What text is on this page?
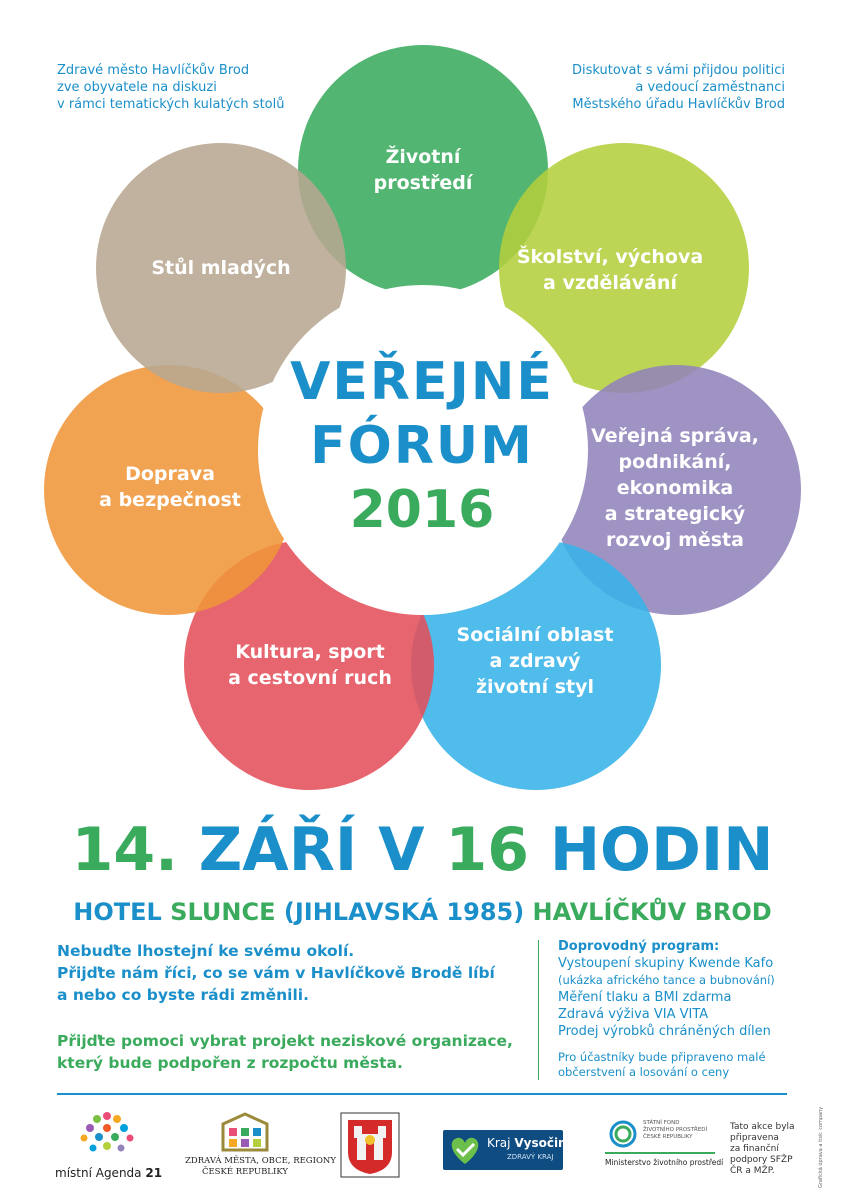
Zdravé město Havlíčkův Brod
zve obyvatele na diskuzi
v rámci tematických kulatých stolů
Diskutovat s vámi přijdou politici
a vedoucí zaměstnanci
Městského úřadu Havlíčkův Brod
Životní
prostředí
Školství, výchova
a vzdělávání
Veřejná správa,
podnikání,
ekonomika
a strategický
rozvoj města
Sociální oblast
a zdravý
životní styl
Kultura, sport
a cestovní ruch
Doprava
a bezpečnost
Stůl mladých
VEŘEJNÉ
FÓRUM
2016
14. ZÁŘÍ V 16 HODIN
HOTEL SLUNCE (JIHLAVSKÁ 1985) HAVLÍČKŮV BROD
Nebuďte lhostejní ke svému okolí.
Přijďte nám říci, co se vám v Havlíčkově Brodě líbí
a nebo co byste rádi změnili.
Přijďte pomoci vybrat projekt neziskové organizace,
který bude podpořen z rozpočtu města.
Doprovodný program:
Vystoupení skupiny Kwende Kafo
(ukázka afrického tance a bubnování)
Měření tlaku a BMI zdarma
Zdravá výživa VIA VITA
Prodej výrobků chráněných dílen
Pro účastníky bude připraveno malé
občerstvení a losování o ceny
místní Agenda 21
ZDRAVÁ MĚSTA, OBCE, REGIONY
ČESKÉ REPUBLIKY
Kraj Vysočina
ZDRAVÝ KRAJ
STÁTNÍ FOND
ŽIVOTNÍHO PROSTŘEDÍ
ČESKÉ REPUBLIKY
Ministerstvo životního prostředí
Tato akce byla
připravena
za finanční
podpory SFŽP
ČR a MŽP.	Grafická úprava a tisk: company
